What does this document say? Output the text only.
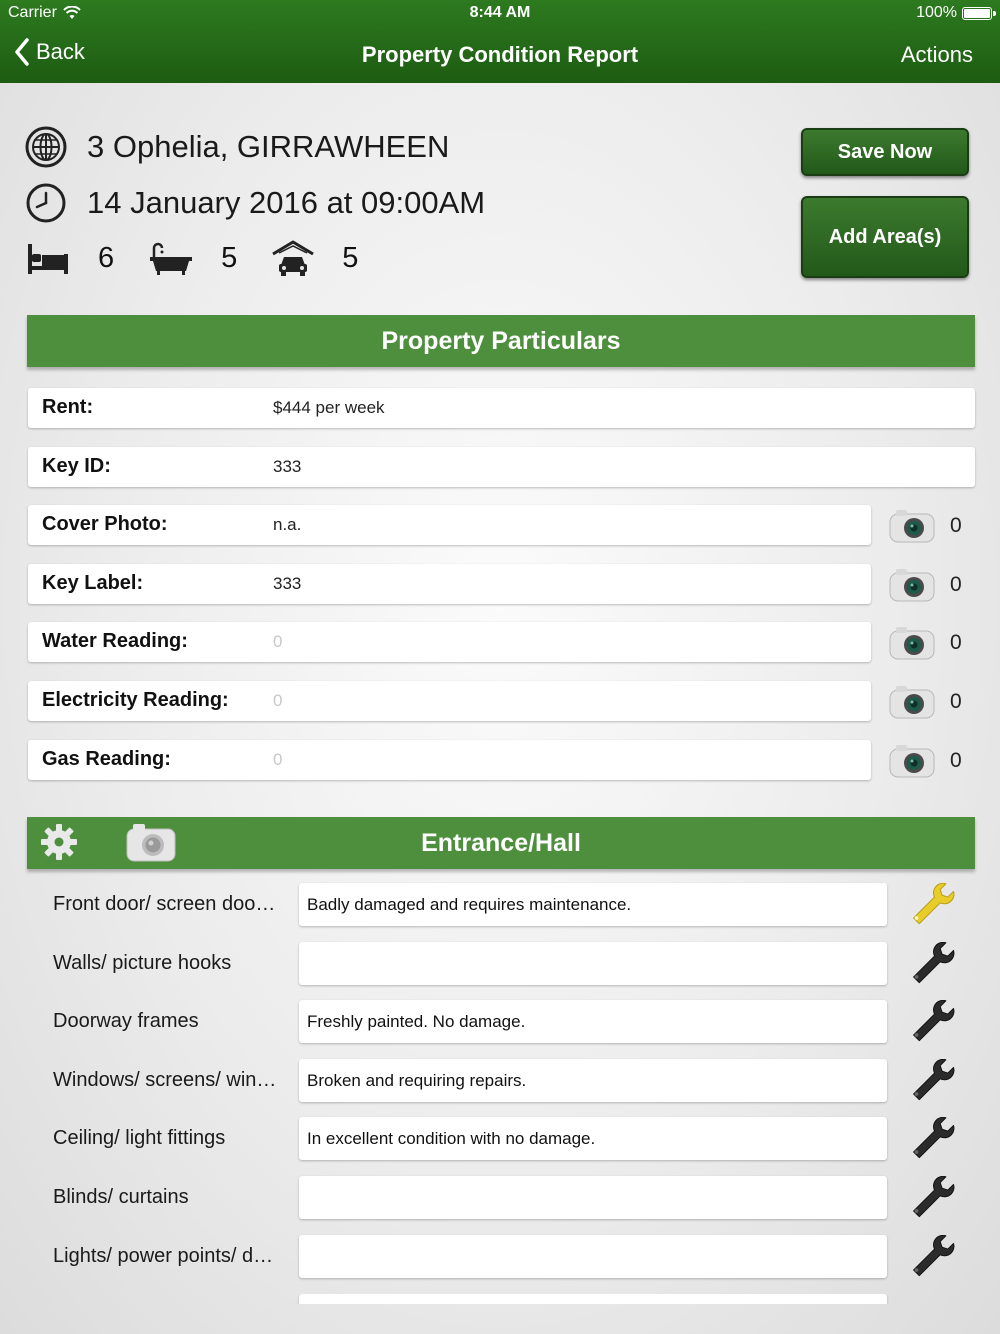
Carrier	8:44 AM	100%
Back	Property Condition Report	Actions
3 Ophelia, GIRRAWHEEN
14 January 2016 at 09:00AM
6	5	5
Save Now
Add Area(s)
Property Particulars
Rent:	$444 per week
Key ID:	333
Cover Photo:	n.a.	0
Key Label:	333	0
Water Reading:	0	0
Electricity Reading:	0	0
Gas Reading:	0	0
Entrance/Hall
Front door/ screen doo…	Badly damaged and requires maintenance.
Walls/ picture hooks
Doorway frames	Freshly painted. No damage.
Windows/ screens/ win…	Broken and requiring repairs.
Ceiling/ light fittings	In excellent condition with no damage.
Blinds/ curtains
Lights/ power points/ d…
